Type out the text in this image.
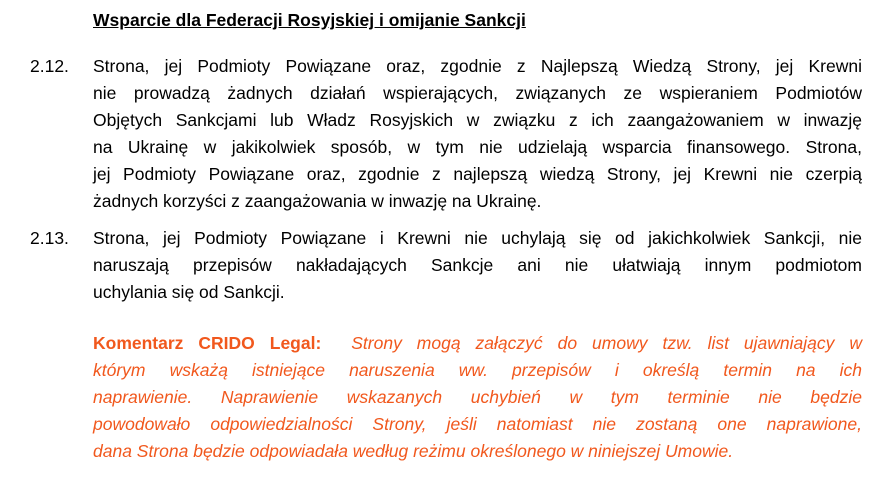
Wsparcie dla Federacji Rosyjskiej i omijanie Sankcji
2.12. Strona, jej Podmioty Powiązane oraz, zgodnie z Najlepszą Wiedzą Strony, jej Krewni
nie prowadzą żadnych działań wspierających, związanych ze wspieraniem Podmiotów
Objętych Sankcjami lub Władz Rosyjskich w związku z ich zaangażowaniem w inwazję
na Ukrainę w jakikolwiek sposób, w tym nie udzielają wsparcia finansowego. Strona,
jej Podmioty Powiązane oraz, zgodnie z najlepszą wiedzą Strony, jej Krewni nie czerpią
żadnych korzyści z zaangażowania w inwazję na Ukrainę.
2.13. Strona, jej Podmioty Powiązane i Krewni nie uchylają się od jakichkolwiek Sankcji, nie
naruszają przepisów nakładających Sankcje ani nie ułatwiają innym podmiotom
uchylania się od Sankcji.
Komentarz CRIDO Legal: Strony mogą załączyć do umowy tzw. list ujawniający w
którym wskażą istniejące naruszenia ww. przepisów i określą termin na ich
naprawienie. Naprawienie wskazanych uchybień w tym terminie nie będzie
powodowało odpowiedzialności Strony, jeśli natomiast nie zostaną one naprawione,
dana Strona będzie odpowiadała według reżimu określonego w niniejszej Umowie.
